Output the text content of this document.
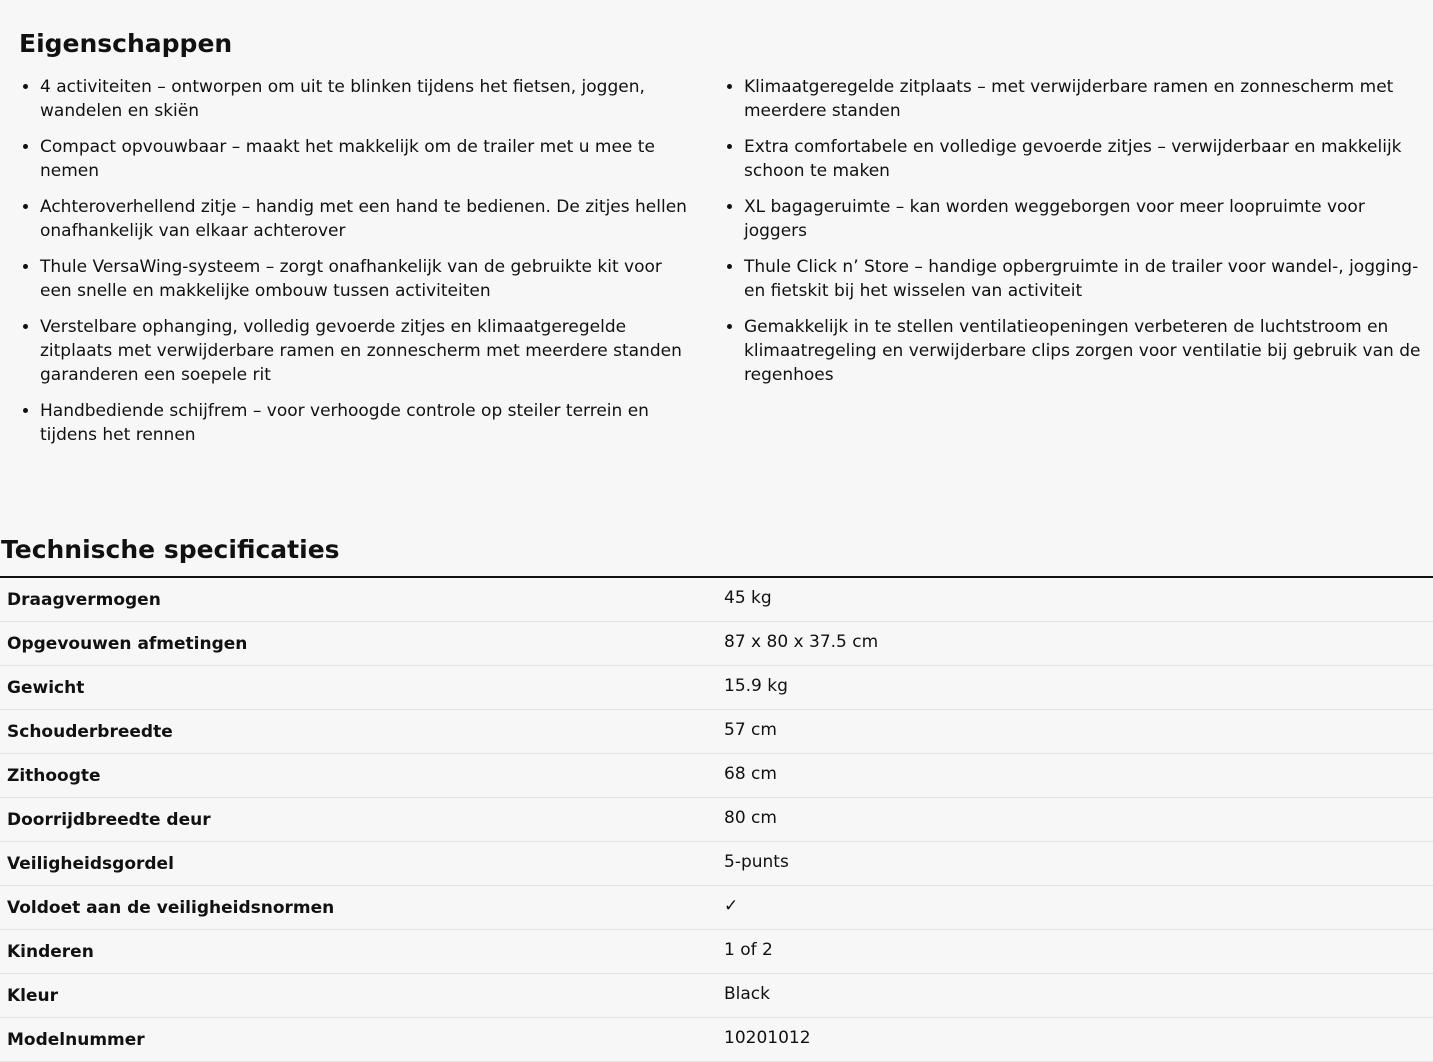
Eigenschappen
• 4 activiteiten – ontworpen om uit te blinken tijdens het fietsen, joggen, wandelen en skiën
• Compact opvouwbaar – maakt het makkelijk om de trailer met u mee te nemen
• Achteroverhellend zitje – handig met een hand te bedienen. De zitjes hellen onafhankelijk van elkaar achterover
• Thule VersaWing-systeem – zorgt onafhankelijk van de gebruikte kit voor een snelle en makkelijke ombouw tussen activiteiten
• Verstelbare ophanging, volledig gevoerde zitjes en klimaatgeregelde zitplaats met verwijderbare ramen en zonnescherm met meerdere standen garanderen een soepele rit
• Handbediende schijfrem – voor verhoogde controle op steiler terrein en tijdens het rennen
• Klimaatgeregelde zitplaats – met verwijderbare ramen en zonnescherm met meerdere standen
• Extra comfortabele en volledige gevoerde zitjes – verwijderbaar en makkelijk schoon te maken
• XL bagageruimte – kan worden weggeborgen voor meer loopruimte voor joggers
• Thule Click n’ Store – handige opbergruimte in de trailer voor wandel-, jogging- en fietskit bij het wisselen van activiteit
• Gemakkelijk in te stellen ventilatieopeningen verbeteren de luchtstroom en klimaatregeling en verwijderbare clips zorgen voor ventilatie bij gebruik van de regenhoes
Technische specificaties
Draagvermogen	45 kg
Opgevouwen afmetingen	87 x 80 x 37.5 cm
Gewicht	15.9 kg
Schouderbreedte	57 cm
Zithoogte	68 cm
Doorrijdbreedte deur	80 cm
Veiligheidsgordel	5-punts
Voldoet aan de veiligheidsnormen	✓
Kinderen	1 of 2
Kleur	Black
Modelnummer	10201012
